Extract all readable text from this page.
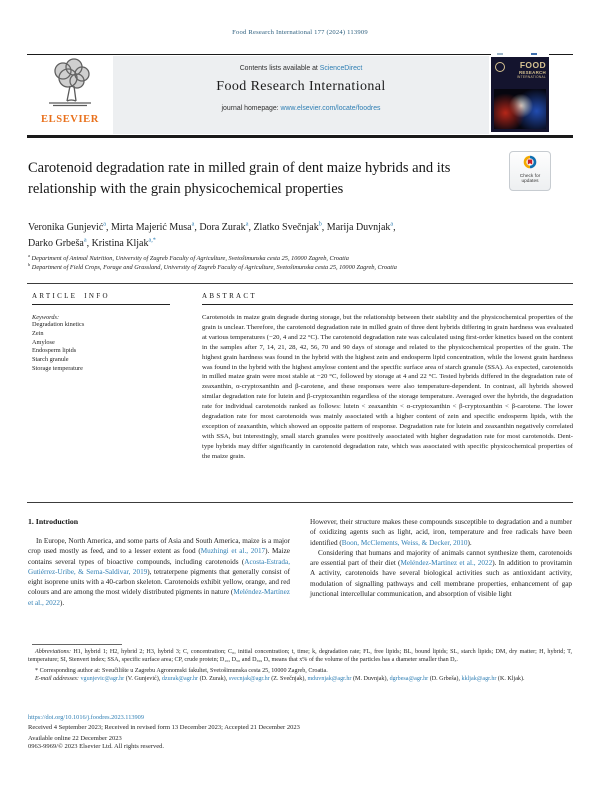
Food Research International 177 (2024) 113909
ELSEVIER
Contents lists available at ScienceDirect
Food Research International
journal homepage: www.elsevier.com/locate/foodres
FOOD
RESEARCH
INTERNATIONAL
Check for
updates
Carotenoid degradation rate in milled grain of dent maize hybrids and its relationship with the grain physicochemical properties
Veronika Gunjević$^a$, Mirta Majerić Musa$^a$, Dora Zurak$^a$, Zlatko Svečnjak$^b$, Marija Duvnjak$^a$,
Darko Grbeša$^a$, Kristina Kljak$^{a,*}$
$^a$ Department of Animal Nutrition, University of Zagreb Faculty of Agriculture, Svetošimunska cesta 25, 10000 Zagreb, Croatia
$^b$ Department of Field Crops, Forage and Grassland, University of Zagreb Faculty of Agriculture, Svetošimunska cesta 25, 10000 Zagreb, Croatia
ARTICLE INFO
Keywords:
Degradation kinetics
Zein
Amylose
Endosperm lipids
Starch granule
Storage temperature
ABSTRACT
Carotenoids in maize grain degrade during storage, but the relationship between their stability and the physicochemical properties of the grain is unclear. Therefore, the carotenoid degradation rate in milled grain of three dent hybrids differing in grain hardness was evaluated at various temperatures (−20, 4 and 22 °C). The carotenoid degradation rate was calculated using first-order kinetics based on the content in the samples after 7, 14, 21, 28, 42, 56, 70 and 90 days of storage and related to the physicochemical properties of the grain. The highest grain hardness was found in the hybrid with the highest zein and endosperm lipid concentration, while the lowest grain hardness was found in the hybrid with the highest amylose content and the specific surface area of starch granule (SSA). As expected, carotenoids in milled maize grain were most stable at −20 °C, followed by storage at 4 and 22 °C. Tested hybrids differed in the degradation rate of zeaxanthin, α-cryptoxanthin and β-carotene, and these responses were also temperature-dependent. In contrast, all hybrids showed similar degradation rate for lutein and β-cryptoxanthin regardless of the storage temperature. Averaged over the hybrids, the degradation rate for individual carotenoids ranked as follows: lutein < zeaxanthin < α-cryptoxanthin < β-cryptoxanthin < β-carotene. The lower degradation rate for most carotenoids was mainly associated with a higher content of zein and specific endosperm lipids, with the exception of zeaxanthin, which showed an opposite pattern of response. Degradation rate for lutein and zeaxanthin negatively correlated with SSA, but interestingly, small starch granules were positively associated with higher degradation rate for most carotenoids. Dent-type hybrids may differ significantly in carotenoid degradation rate, which was associated with specific physicochemical properties of the maize grain.
1. Introduction

In Europe, North America, and some parts of Asia and South America, maize is a major crop used mostly as feed, and to a lesser extent as food (Muzhingi et al., 2017). Maize contains several types of bioactive compounds, including carotenoids (Acosta-Estrada, Gutiérrez-Uribe, & Serna-Saldivar, 2019), tetraterpene pigments that generally consist of eight isoprene units with a 40-carbon skeleton. Carotenoids exhibit yellow, orange, and red colours and are among the most widely distributed pigments in nature (Meléndez-Martínez et al., 2022).

However, their structure makes these compounds susceptible to degradation and a number of oxidizing agents such as light, acid, iron, temperature and free radicals have been identified (Boon, McClements, Weiss, & Decker, 2010).

Considering that humans and majority of animals cannot synthesize them, carotenoids are essential part of their diet (Meléndez-Martínez et al., 2022). In addition to provitamin A activity, carotenoids have several biological activities such as antioxidant activity, modulation of signalling pathways and cell membrane properties, enhancement of gap junctional intercellular communication, and absorption of visible light

Abbreviations: H1, hybrid 1; H2, hybrid 2; H3, hybrid 3; C, concentration; C₀, initial concentration; t, time; k, degradation rate; FL, free lipids; BL, bound lipids; SL, starch lipids; DM, dry matter; H, hybrid; T, temperature; SI, Stenvert index; SSA, specific surface area; CP, crude protein; D₁₀, D₅₀ and D₉₀, Dₓ means that x% of the volume of the particles has a diameter smaller than Dₓ.

* Corresponding author at: Sveučilište u Zagrebu Agronomski fakultet, Svetošimunska cesta 25, 10000 Zagreb, Croatia.

E-mail addresses: vgunjevic@agr.hr (V. Gunjević), dzurak@agr.hr (D. Zurak), svecnjak@agr.hr (Z. Svečnjak), mduvnjak@agr.hr (M. Duvnjak), dgrbesa@agr.hr (D. Grbeša), kkljak@agr.hr (K. Kljak).

https://doi.org/10.1016/j.foodres.2023.113909
Received 4 September 2023; Received in revised form 13 December 2023; Accepted 21 December 2023
Available online 22 December 2023
0963-9969/© 2023 Elsevier Ltd. All rights reserved.
